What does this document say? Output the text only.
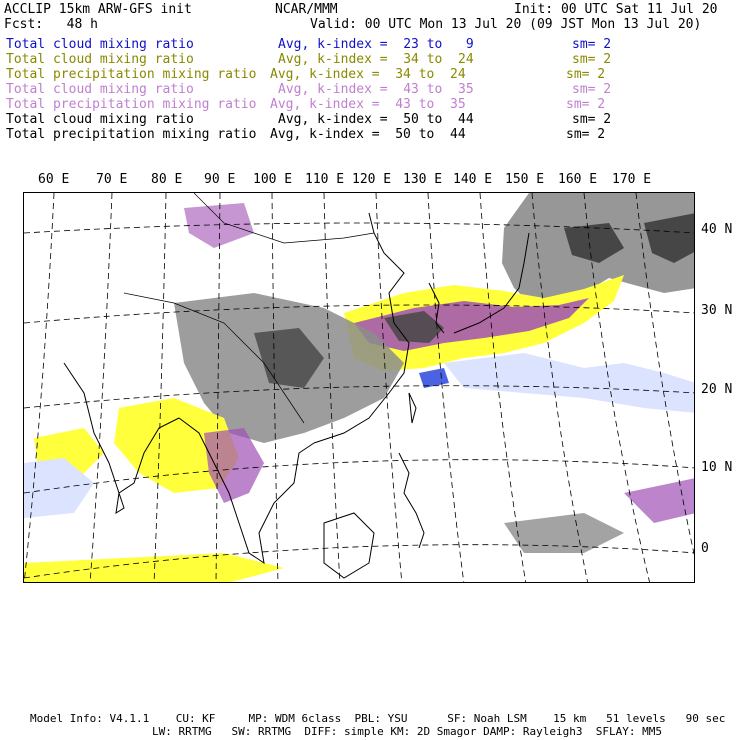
ACCLIP 15km ARW-GFS init	NCAR/MMM	Init: 00 UTC Sat 11 Jul 20
Fcst:   48 h	Valid: 00 UTC Mon 13 Jul 20 (09 JST Mon 13 Jul 20)
Total cloud mixing ratio	Avg, k-index =  23 to   9	sm= 2
Total cloud mixing ratio	Avg, k-index =  34 to  24	sm= 2
Total precipitation mixing ratio Avg, k-index =  34 to  24	sm= 2
Total cloud mixing ratio	Avg, k-index =  43 to  35	sm= 2
Total precipitation mixing ratio Avg, k-index =  43 to  35	sm= 2
Total cloud mixing ratio	Avg, k-index =  50 to  44	sm= 2
Total precipitation mixing ratio Avg, k-index =  50 to  44	sm= 2
60 E 70 E 80 E 90 E 100 E 110 E 120 E 130 E 140 E 150 E 160 E 170 E
40 N
30 N
20 N
10 N
0
Model Info: V4.1.1    CU: KF     MP: WDM 6class  PBL: YSU      SF: Noah LSM    15 km   51 levels   90 sec
LW: RRTMG   SW: RRTMG  DIFF: simple KM: 2D Smagor DAMP: Rayleigh3  SFLAY: MM5
